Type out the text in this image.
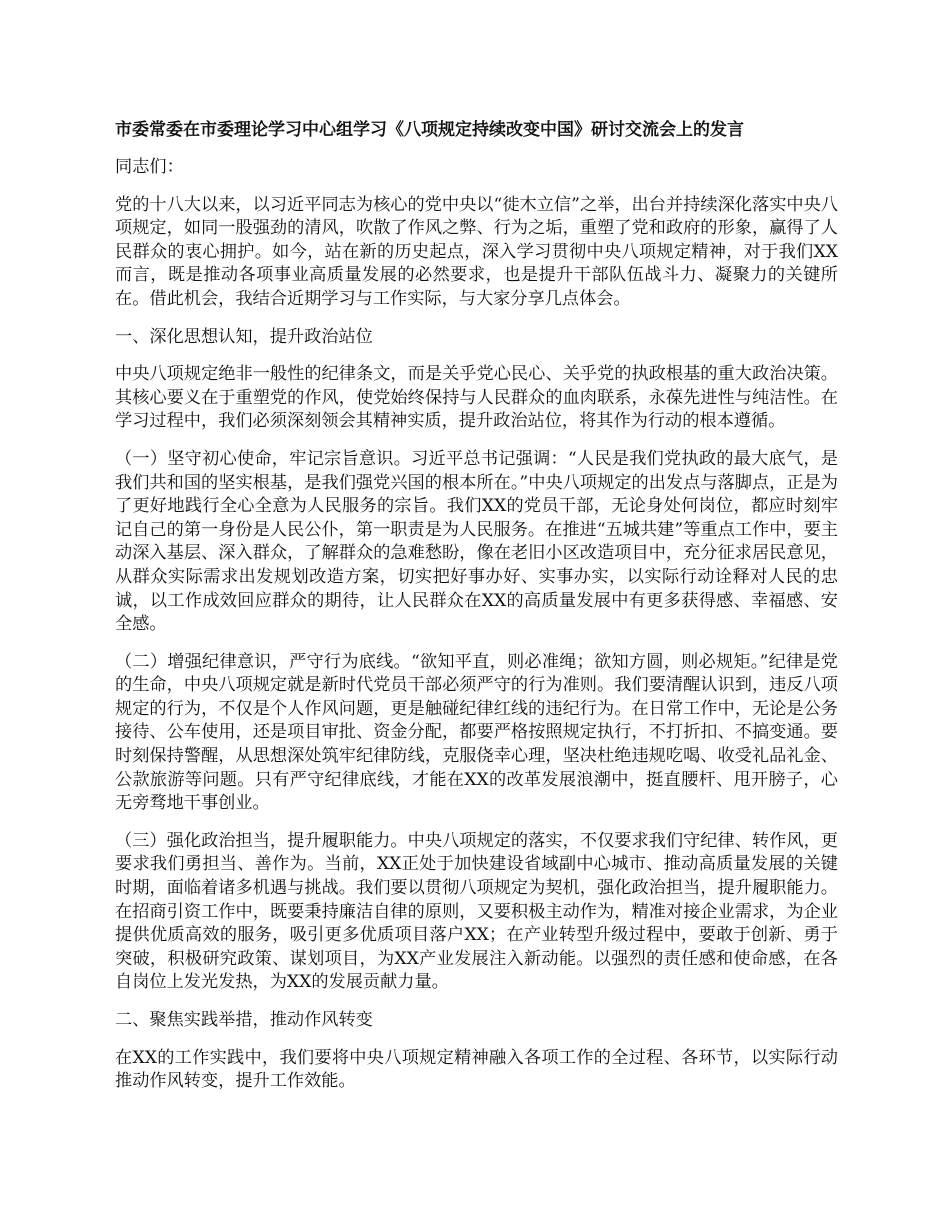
市委常委在市委理论学习中心组学习《八项规定持续改变中国》研讨交流会上的发言
同志们：
党的十八大以来，以习近平同志为核心的党中央以“徙木立信”之举，出台并持续深化落实中央八项规定，如同一股强劲的清风，吹散了作风之弊、行为之垢，重塑了党和政府的形象，赢得了人民群众的衷心拥护。如今，站在新的历史起点，深入学习贯彻中央八项规定精神，对于我们XX而言，既是推动各项事业高质量发展的必然要求，也是提升干部队伍战斗力、凝聚力的关键所在。借此机会，我结合近期学习与工作实际，与大家分享几点体会。
一、深化思想认知，提升政治站位
中央八项规定绝非一般性的纪律条文，而是关乎党心民心、关乎党的执政根基的重大政治决策。其核心要义在于重塑党的作风，使党始终保持与人民群众的血肉联系，永葆先进性与纯洁性。在学习过程中，我们必须深刻领会其精神实质，提升政治站位，将其作为行动的根本遵循。
（一）坚守初心使命，牢记宗旨意识。习近平总书记强调：“人民是我们党执政的最大底气，是我们共和国的坚实根基，是我们强党兴国的根本所在。”中央八项规定的出发点与落脚点，正是为了更好地践行全心全意为人民服务的宗旨。我们XX的党员干部，无论身处何岗位，都应时刻牢记自己的第一身份是人民公仆，第一职责是为人民服务。在推进“五城共建”等重点工作中，要主动深入基层、深入群众，了解群众的急难愁盼，像在老旧小区改造项目中，充分征求居民意见，从群众实际需求出发规划改造方案，切实把好事办好、实事办实，以实际行动诠释对人民的忠诚，以工作成效回应群众的期待，让人民群众在XX的高质量发展中有更多获得感、幸福感、安全感。
（二）增强纪律意识，严守行为底线。“欲知平直，则必准绳；欲知方圆，则必规矩。”纪律是党的生命，中央八项规定就是新时代党员干部必须严守的行为准则。我们要清醒认识到，违反八项规定的行为，不仅是个人作风问题，更是触碰纪律红线的违纪行为。在日常工作中，无论是公务接待、公车使用，还是项目审批、资金分配，都要严格按照规定执行，不打折扣、不搞变通。要时刻保持警醒，从思想深处筑牢纪律防线，克服侥幸心理，坚决杜绝违规吃喝、收受礼品礼金、公款旅游等问题。只有严守纪律底线，才能在XX的改革发展浪潮中，挺直腰杆、甩开膀子，心无旁骛地干事创业。
（三）强化政治担当，提升履职能力。中央八项规定的落实，不仅要求我们守纪律、转作风，更要求我们勇担当、善作为。当前，XX正处于加快建设省域副中心城市、推动高质量发展的关键时期，面临着诸多机遇与挑战。我们要以贯彻八项规定为契机，强化政治担当，提升履职能力。在招商引资工作中，既要秉持廉洁自律的原则，又要积极主动作为，精准对接企业需求，为企业提供优质高效的服务，吸引更多优质项目落户XX；在产业转型升级过程中，要敢于创新、勇于突破，积极研究政策、谋划项目，为XX产业发展注入新动能。以强烈的责任感和使命感，在各自岗位上发光发热，为XX的发展贡献力量。
二、聚焦实践举措，推动作风转变
在XX的工作实践中，我们要将中央八项规定精神融入各项工作的全过程、各环节，以实际行动推动作风转变，提升工作效能。
